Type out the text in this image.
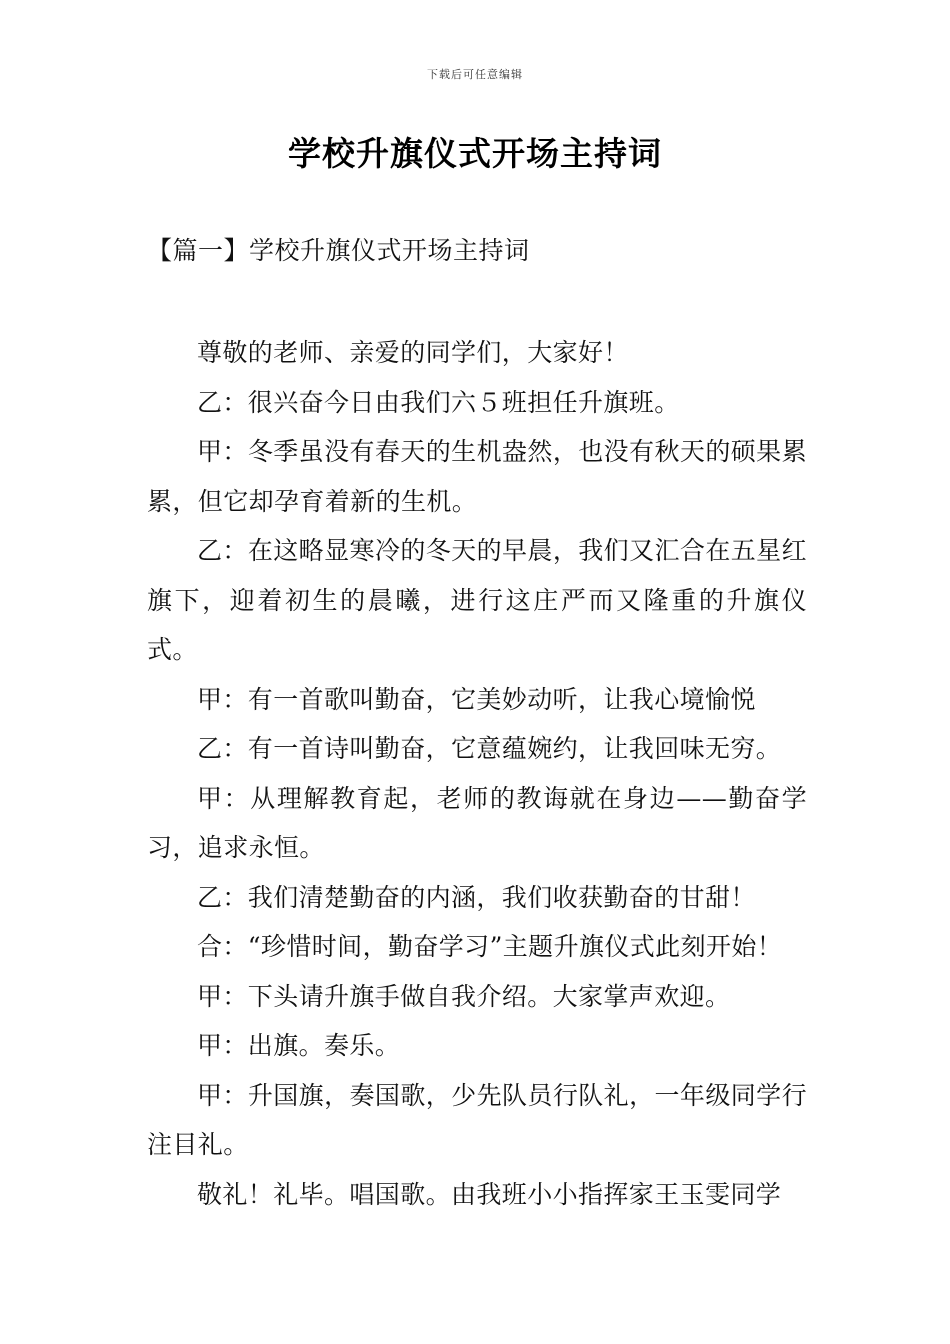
下载后可任意编辑
学校升旗仪式开场主持词
【篇一】学校升旗仪式开场主持词

尊敬的老师、亲爱的同学们，大家好！

乙：很兴奋今日由我们六５班担任升旗班。

甲：冬季虽没有春天的生机盎然，也没有秋天的硕果累累，但它却孕育着新的生机。

乙：在这略显寒冷的冬天的早晨，我们又汇合在五星红旗下，迎着初生的晨曦，进行这庄严而又隆重的升旗仪式。

甲：有一首歌叫勤奋，它美妙动听，让我心境愉悦

乙：有一首诗叫勤奋，它意蕴婉约，让我回味无穷。

甲：从理解教育起，老师的教诲就在身边——勤奋学习，追求永恒。

乙：我们清楚勤奋的内涵，我们收获勤奋的甘甜！

合：“珍惜时间，勤奋学习”主题升旗仪式此刻开始！

甲：下头请升旗手做自我介绍。大家掌声欢迎。

甲：出旗。奏乐。

甲：升国旗，奏国歌，少先队员行队礼，一年级同学行注目礼。

敬礼！礼毕。唱国歌。由我班小小指挥家王玉雯同学
